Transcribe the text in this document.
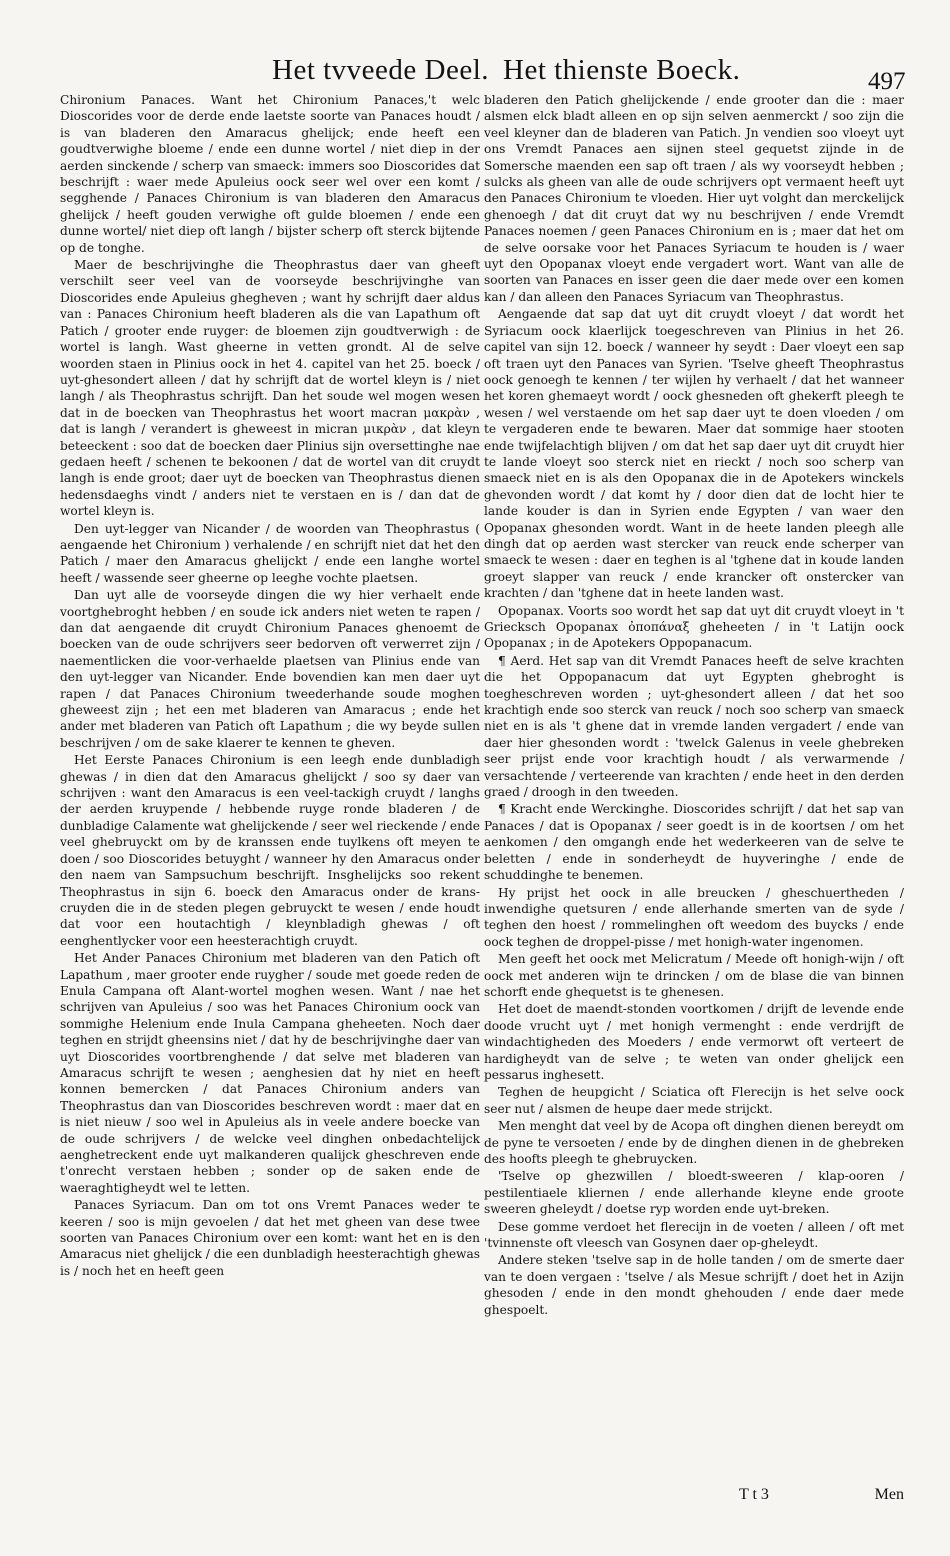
Het tvveede Deel. Het thienste Boeck.	497

Chironium Panaces. Want het Chironium Panaces,'t welc Dioscorides voor de derde ende laetste soorte van Panaces houdt / is van bladeren den Amaracus ghelijck; ende heeft een goudtverwighe bloeme / ende een dunne wortel / niet diep in der aerden sinckende / scherp van smaeck: immers soo Dioscorides dat beschrijft : waer mede Apuleius oock seer wel over een komt / segghende / Panaces Chironium is van bladeren den Amaracus ghelijck / heeft gouden verwighe oft gulde bloemen / ende een dunne wortel/ niet diep oft langh / bijster scherp oft sterck bijtende op de tonghe.

Maer de beschrijvinghe die Theophrastus daer van gheeft verschilt seer veel van de voorseyde beschrijvinghe van Dioscorides ende Apuleius ghegheven ; want hy schrijft daer aldus van : Panaces Chironium heeft bladeren als die van Lapathum oft Patich / grooter ende ruyger: de bloemen zijn goudtverwigh : de wortel is langh. Wast gheerne in vetten grondt. Al de selve woorden staen in Plinius oock in het 4. capitel van het 25. boeck / uyt-ghesondert alleen / dat hy schrijft dat de wortel kleyn is / niet langh / als Theophrastus schrijft. Dan het soude wel mogen wesen dat in de boecken van Theophrastus het woort macran μακρὰν , dat is langh / verandert is gheweest in micran μικρὰν , dat kleyn beteeckent : soo dat de boecken daer Plinius sijn oversettinghe nae gedaen heeft / schenen te bekoonen / dat de wortel van dit cruydt langh is ende groot; daer uyt de boecken van Theophrastus dienen hedensdaeghs vindt / anders niet te verstaen en is / dan dat de wortel kleyn is.

Den uyt-legger van Nicander / de woorden van Theophrastus ( aengaende het Chironium ) verhalende / en schrijft niet dat het den Patich / maer den Amaracus ghelijckt / ende een langhe wortel heeft / wassende seer gheerne op leeghe vochte plaetsen.

Dan uyt alle de voorseyde dingen die wy hier verhaelt ende voortghebroght hebben / en soude ick anders niet weten te rapen / dan dat aengaende dit cruydt Chironium Panaces ghenoemt de boecken van de oude schrijvers seer bedorven oft verwerret zijn / naementlicken die voor-verhaelde plaetsen van Plinius ende van den uyt-legger van Nicander. Ende bovendien kan men daer uyt rapen / dat Panaces Chironium tweederhande soude moghen gheweest zijn ; het een met bladeren van Amaracus ; ende het ander met bladeren van Patich oft Lapathum ; die wy beyde sullen beschrijven / om de sake klaerer te kennen te gheven.

Het Eerste Panaces Chironium is een leegh ende dunbladigh ghewas / in dien dat den Amaracus ghelijckt / soo sy daer van schrijven : want den Amaracus is een veel-tackigh cruydt / langhs der aerden kruypende / hebbende ruyge ronde bladeren / de dunbladige Calamente wat ghelijckende / seer wel rieckende / ende veel ghebruyckt om by de kranssen ende tuylkens oft meyen te doen / soo Dioscorides betuyght / wanneer hy den Amaracus onder den naem van Sampsuchum beschrijft. Insghelijcks soo rekent Theophrastus in sijn 6. boeck den Amaracus onder de krans-cruyden die in de steden plegen gebruyckt te wesen / ende houdt dat voor een houtachtigh / kleynbladigh ghewas / oft eenghentlycker voor een heesterachtigh cruydt.

Het Ander Panaces Chironium met bladeren van den Patich oft Lapathum , maer grooter ende ruygher / soude met goede reden de Enula Campana oft Alant-wortel moghen wesen. Want / nae het schrijven van Apuleius / soo was het Panaces Chironium oock van sommighe Helenium ende Inula Campana gheheeten. Noch daer teghen en strijdt gheensins niet / dat hy de beschrijvinghe daer van uyt Dioscorides voortbrenghende / dat selve met bladeren van Amaracus schrijft te wesen ; aenghesien dat hy niet en heeft konnen bemercken / dat Panaces Chironium anders van Theophrastus dan van Dioscorides beschreven wordt : maer dat en is niet nieuw / soo wel in Apuleius als in veele andere boecke van de oude schrijvers / de welcke veel dinghen onbedachtelijck aenghetreckent ende uyt malkanderen qualijck gheschreven ende t'onrecht verstaen hebben ; sonder op de saken ende de waeraghtigheydt wel te letten.

Panaces Syriacum. Dan om tot ons Vremt Panaces weder te keeren / soo is mijn gevoelen / dat het met gheen van dese twee soorten van Panaces Chironium over een komt: want het en is den Amaracus niet ghelijck / die een dunbladigh heesterachtigh ghewas is / noch het en heeft geen

bladeren den Patich ghelijckende / ende grooter dan die : maer alsmen elck bladt alleen en op sijn selven aenmerckt / soo zijn die veel kleyner dan de bladeren van Patich. Jn vendien soo vloeyt uyt ons Vremdt Panaces aen sijnen steel gequetst zijnde in de Somersche maenden een sap oft traen / als wy voorseydt hebben ; sulcks als gheen van alle de oude schrijvers opt vermaent heeft uyt den Panaces Chironium te vloeden. Hier uyt volght dan merckelijck ghenoegh / dat dit cruyt dat wy nu beschrijven / ende Vremdt Panaces noemen / geen Panaces Chironium en is ; maer dat het om de selve oorsake voor het Panaces Syriacum te houden is / waer uyt den Opopanax vloeyt ende vergadert wort. Want van alle de soorten van Panaces en isser geen die daer mede over een komen kan / dan alleen den Panaces Syriacum van Theophrastus.

Aengaende dat sap dat uyt dit cruydt vloeyt / dat wordt het Syriacum oock klaerlijck toegeschreven van Plinius in het 26. capitel van sijn 12. boeck / wanneer hy seydt : Daer vloeyt een sap oft traen uyt den Panaces van Syrien. 'Tselve gheeft Theophrastus oock genoegh te kennen / ter wijlen hy verhaelt / dat het wanneer het koren ghemaeyt wordt / oock ghesneden oft ghekerft pleegh te wesen / wel verstaende om het sap daer uyt te doen vloeden / om te vergaderen ende te bewaren. Maer dat sommige haer stooten ende twijfelachtigh blijven / om dat het sap daer uyt dit cruydt hier te lande vloeyt soo sterck niet en rieckt / noch soo scherp van smaeck niet en is als den Opopanax die in de Apotekers winckels ghevonden wordt / dat komt hy / door dien dat de locht hier te lande kouder is dan in Syrien ende Egypten / van waer den Opopanax ghesonden wordt. Want in de heete landen pleegh alle dingh dat op aerden wast stercker van reuck ende scherper van smaeck te wesen : daer en teghen is al 'tghene dat in koude landen groeyt slapper van reuck / ende krancker oft onstercker van krachten / dan 'tghene dat in heete landen wast.

Opopanax. Voorts soo wordt het sap dat uyt dit cruydt vloeyt in 't Griecksch Opopanax ὀποπάναξ gheheeten / in 't Latijn oock Opopanax ; in de Apotekers Oppopanacum.

¶ Aerd. Het sap van dit Vremdt Panaces heeft de selve krachten die het Oppopanacum dat uyt Egypten ghebroght is toegheschreven worden ; uyt-ghesondert alleen / dat het soo krachtigh ende soo sterck van reuck / noch soo scherp van smaeck niet en is als 't ghene dat in vremde landen vergadert / ende van daer hier ghesonden wordt : 'twelck Galenus in veele ghebreken seer prijst ende voor krachtigh houdt / als verwarmende / versachtende / verteerende van krachten / ende heet in den derden graed / droogh in den tweeden.

¶ Kracht ende Werckinghe. Dioscorides schrijft / dat het sap van Panaces / dat is Opopanax / seer goedt is in de koortsen / om het aenkomen / den omgangh ende het wederkeeren van de selve te beletten / ende in sonderheydt de huyveringhe / ende de schuddinghe te benemen.

Hy prijst het oock in alle breucken / gheschuertheden / inwendighe quetsuren / ende allerhande smerten van de syde / teghen den hoest / rommelinghen oft weedom des buycks / ende oock teghen de droppel-pisse / met honigh-water ingenomen.

Men geeft het oock met Melicratum / Meede oft honigh-wijn / oft oock met anderen wijn te drincken / om de blase die van binnen schorft ende ghequetst is te ghenesen.

Het doet de maendt-stonden voortkomen / drijft de levende ende doode vrucht uyt / met honigh vermenght : ende verdrijft de windachtigheden des Moeders / ende vermorwt oft verteert de hardigheydt van de selve ; te weten van onder ghelijck een pessarus inghesett.

Teghen de heupgicht / Sciatica oft Flerecijn is het selve oock seer nut / alsmen de heupe daer mede strijckt.

Men menght dat veel by de Acopa oft dinghen dienen bereydt om de pyne te versoeten / ende by de dinghen dienen in de ghebreken des hoofts pleegh te ghebruycken.

'Tselve op ghezwillen / bloedt-sweeren / klap-ooren / pestilentiaele kliernen / ende allerhande kleyne ende groote sweeren gheleydt / doetse ryp worden ende uyt-breken.

Dese gomme verdoet het flerecijn in de voeten / alleen / oft met 'tvinnenste oft vleesch van Gosynen daer op-gheleydt.

Andere steken 'tselve sap in de holle tanden / om de smerte daer van te doen vergaen : 'tselve / als Mesue schrijft / doet het in Azijn ghesoden / ende in den mondt ghehouden / ende daer mede ghespoelt.

T t 3	Men
